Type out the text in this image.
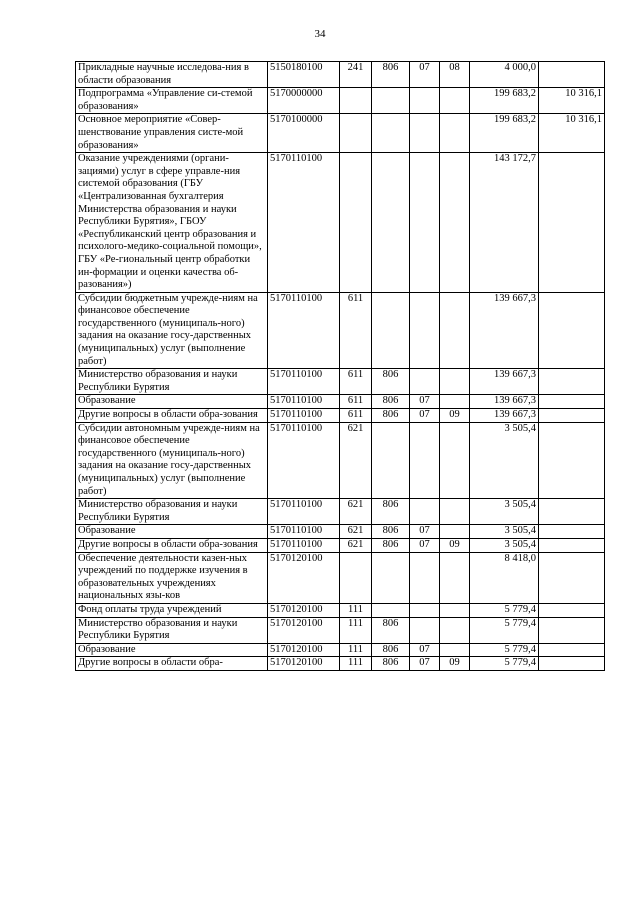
34
Прикладные научные исследова-ния в области образования	5150180100	241	806	07	08	4 000,0	
Подпрограмма «Управление си-стемой образования»	5170000000					199 683,2	10 316,1
Основное мероприятие «Совер-шенствование управления систе-мой образования»	5170100000					199 683,2	10 316,1
Оказание учреждениями (органи-зациями) услуг в сфере управле-ния системой образования (ГБУ «Централизованная бухгалтерия Министерства образования и науки Республики Бурятия», ГБОУ «Республиканский центр образования и психолого-медико-социальной помощи», ГБУ «Ре-гиональный центр обработки ин-формации и оценки качества об-разования»)	5170110100					143 172,7	
Субсидии бюджетным учрежде-ниям на финансовое обеспечение государственного (муниципаль-ного) задания на оказание госу-дарственных (муниципальных) услуг (выполнение работ)	5170110100	611				139 667,3	
Министерство образования и науки Республики Бурятия	5170110100	611	806			139 667,3	
Образование	5170110100	611	806	07		139 667,3	
Другие вопросы в области обра-зования	5170110100	611	806	07	09	139 667,3	
Субсидии автономным учрежде-ниям на финансовое обеспечение государственного (муниципаль-ного) задания на оказание госу-дарственных (муниципальных) услуг (выполнение работ)	5170110100	621				3 505,4	
Министерство образования и науки Республики Бурятия	5170110100	621	806			3 505,4	
Образование	5170110100	621	806	07		3 505,4	
Другие вопросы в области обра-зования	5170110100	621	806	07	09	3 505,4	
Обеспечение деятельности казен-ных учреждений по поддержке изучения в образовательных учреждениях национальных язы-ков	5170120100					8 418,0	
Фонд оплаты труда учреждений	5170120100	111				5 779,4	
Министерство образования и науки Республики Бурятия	5170120100	111	806			5 779,4	
Образование	5170120100	111	806	07		5 779,4	
Другие вопросы в области обра-	5170120100	111	806	07	09	5 779,4	
